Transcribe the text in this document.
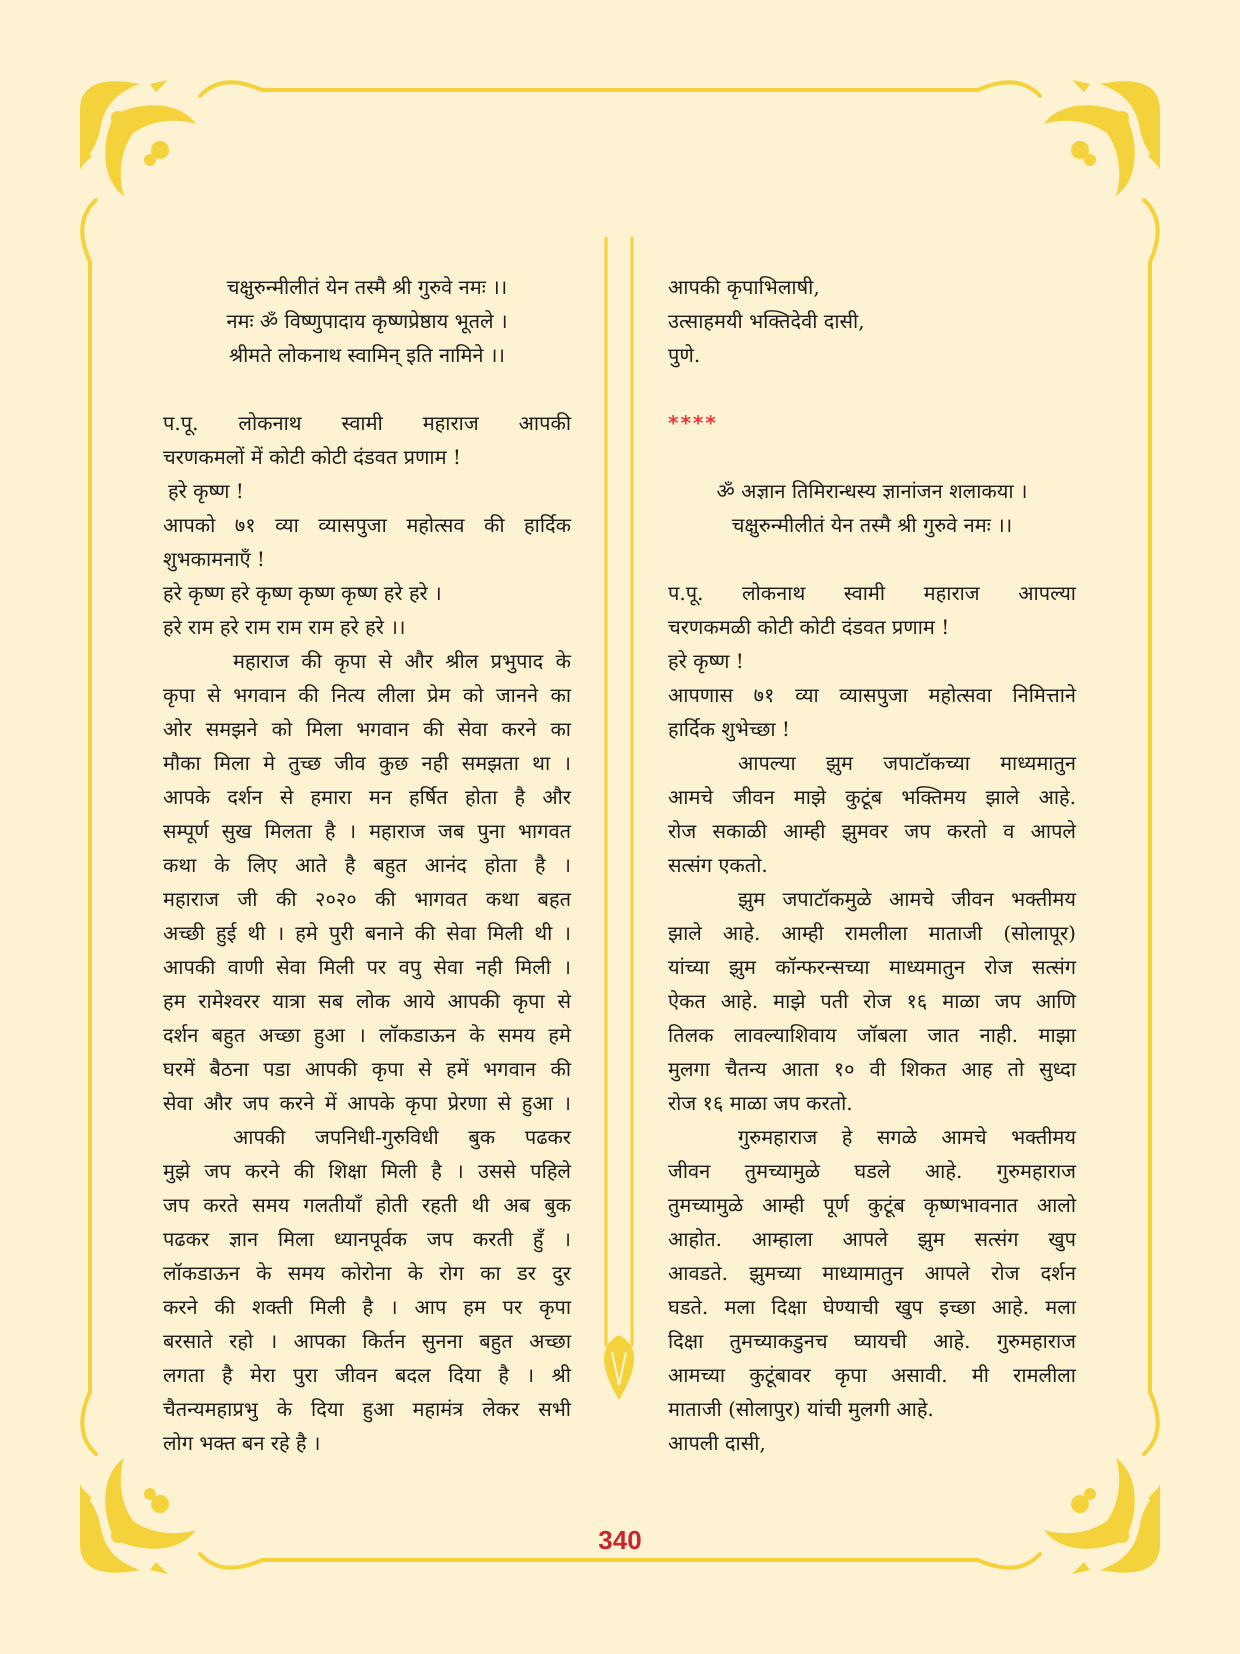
चक्षुरुन्मीलीतं येन तस्मै श्री गुरुवे नमः ।।
नमः ॐ विष्णुपादाय कृष्णप्रेष्ठाय भूतले ।
श्रीमते लोकनाथ स्वामिन् इति नामिने ।।
प.पू. लोकनाथ स्वामी महाराज आपकी
चरणकमलों में कोटी कोटी दंडवत प्रणाम !
हरे कृष्ण !
आपको ७१ व्या व्यासपुजा महोत्सव की हार्दिक
शुभकामनाएँ !
हरे कृष्ण हरे कृष्ण कृष्ण कृष्ण हरे हरे ।
हरे राम हरे राम राम राम हरे हरे ।।
महाराज की कृपा से और श्रील प्रभुपाद के
कृपा से भगवान की नित्य लीला प्रेम को जानने का
ओर समझने को मिला भगवान की सेवा करने का
मौका मिला मे तुच्छ जीव कुछ नही समझता था ।
आपके दर्शन से हमारा मन हर्षित होता है और
सम्पूर्ण सुख मिलता है । महाराज जब पुना भागवत
कथा के लिए आते है बहुत आनंद होता है ।
महाराज जी की २०२० की भागवत कथा बहत
अच्छी हुई थी । हमे पुरी बनाने की सेवा मिली थी ।
आपकी वाणी सेवा मिली पर वपु सेवा नही मिली ।
हम रामेश्वरर यात्रा सब लोक आये आपकी कृपा से
दर्शन बहुत अच्छा हुआ । लॉकडाऊन के समय हमे
घरमें बैठना पडा आपकी कृपा से हमें भगवान की
सेवा और जप करने में आपके कृपा प्रेरणा से हुआ ।
आपकी जपनिधी-गुरुविधी बुक पढकर
मुझे जप करने की शिक्षा मिली है । उससे पहिले
जप करते समय गलतीयाँ होती रहती थी अब बुक
पढकर ज्ञान मिला ध्यानपूर्वक जप करती हुँ ।
लॉकडाऊन के समय कोरोना के रोग का डर दुर
करने की शक्ती मिली है । आप हम पर कृपा
बरसाते रहो । आपका किर्तन सुनना बहुत अच्छा
लगता है मेरा पुरा जीवन बदल दिया है । श्री
चैतन्यमहाप्रभु के दिया हुआ महामंत्र लेकर सभी
लोग भक्त बन रहे है ।
आपकी कृपाभिलाषी,
उत्साहमयी भक्तिदेवी दासी,
पुणे.
****
ॐ अज्ञान तिमिरान्धस्य ज्ञानांजन शलाकया ।
चक्षुरुन्मीलीतं येन तस्मै श्री गुरुवे नमः ।।
प.पू. लोकनाथ स्वामी महाराज आपल्या
चरणकमळी कोटी कोटी दंडवत प्रणाम !
हरे कृष्ण !
आपणास ७१ व्या व्यासपुजा महोत्सवा निमित्ताने
हार्दिक शुभेच्छा !
आपल्या झुम जपाटॉकच्या माध्यमातुन
आमचे जीवन माझे कुटूंब भक्तिमय झाले आहे.
रोज सकाळी आम्ही झुमवर जप करतो व आपले
सत्संग एकतो.
झुम जपाटॉकमुळे आमचे जीवन भक्तीमय
झाले आहे. आम्ही रामलीला माताजी (सोलापूर)
यांच्या झुम कॉन्फरन्सच्या माध्यमातुन रोज सत्संग
ऐकत आहे. माझे पती रोज १६ माळा जप आणि
तिलक लावल्याशिवाय जॉबला जात नाही. माझा
मुलगा चैतन्य आता १० वी शिकत आह तो सुध्दा
रोज १६ माळा जप करतो.
गुरुमहाराज हे सगळे आमचे भक्तीमय
जीवन तुमच्यामुळे घडले आहे. गुरुमहाराज
तुमच्यामुळे आम्ही पूर्ण कुटूंब कृष्णभावनात आलो
आहोत. आम्हाला आपले झुम सत्संग खुप
आवडते. झुमच्या माध्यामातुन आपले रोज दर्शन
घडते. मला दिक्षा घेण्याची खुप इच्छा आहे. मला
दिक्षा तुमच्याकडुनच घ्यायची आहे. गुरुमहाराज
आमच्या कुटूंबावर कृपा असावी. मी रामलीला
माताजी (सोलापुर) यांची मुलगी आहे.
आपली दासी,
340
